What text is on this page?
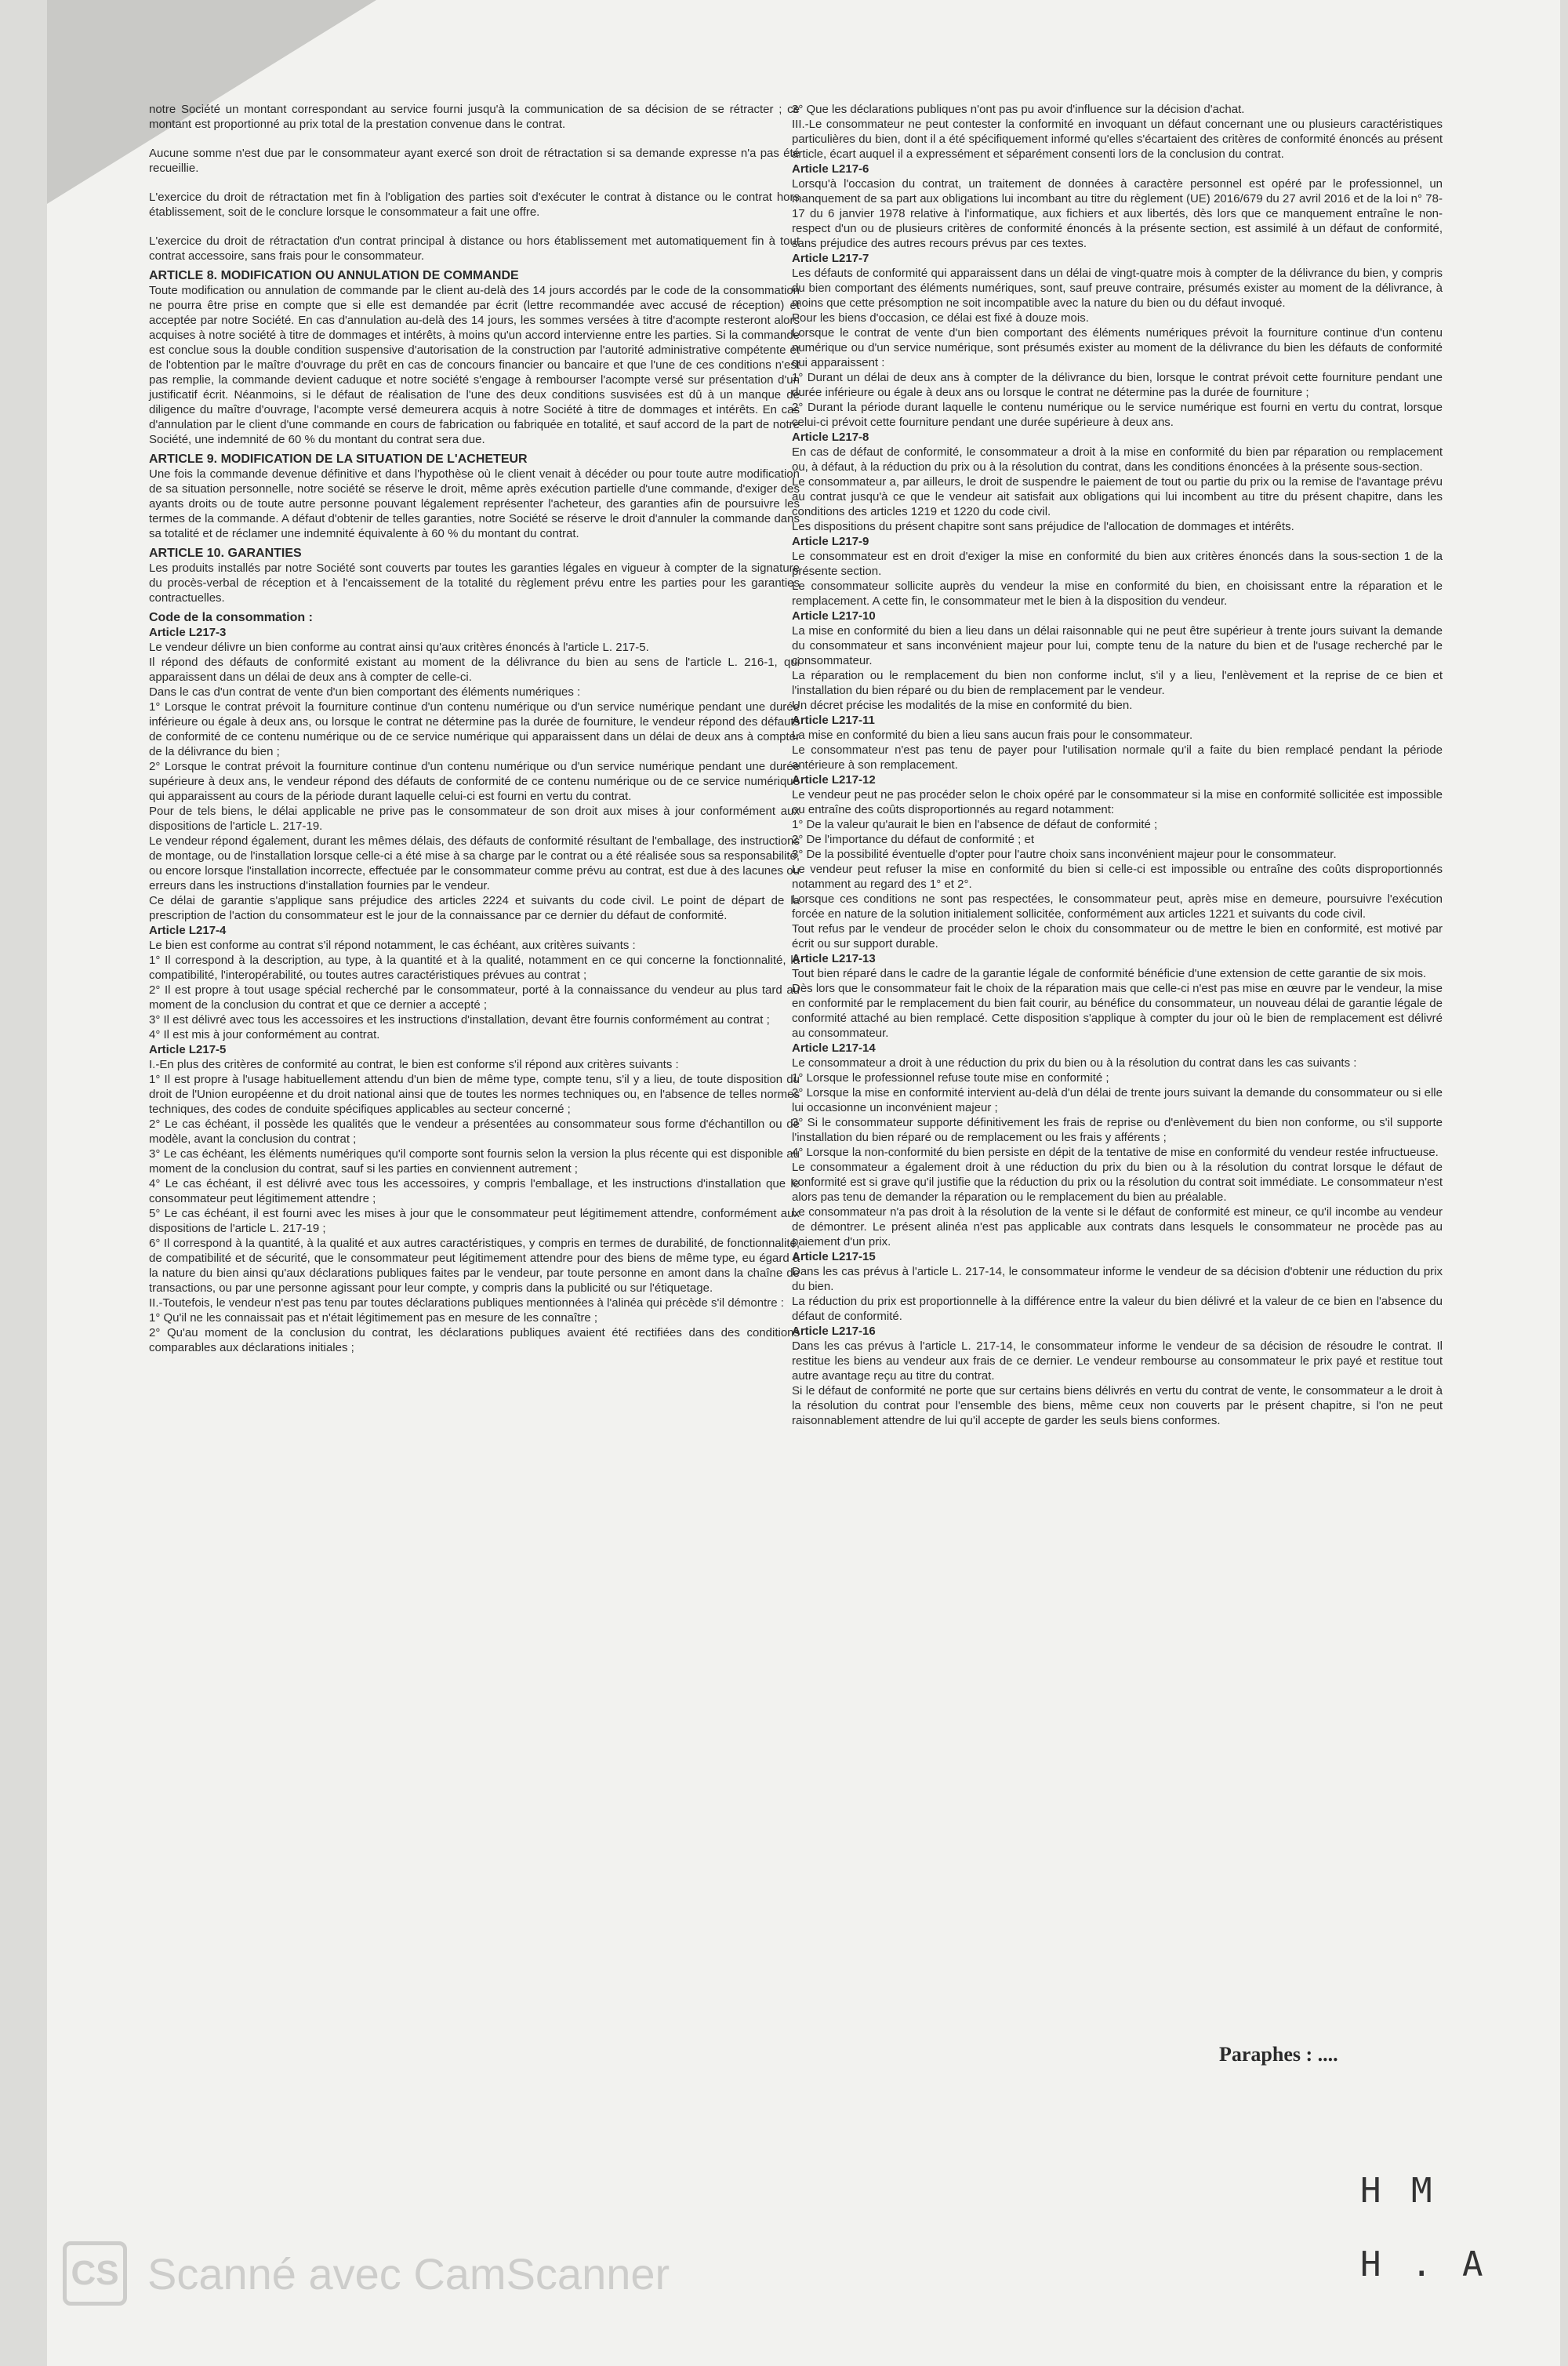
notre Société un montant correspondant au service fourni jusqu'à la communication de sa décision de se rétracter ; ce montant est proportionné au prix total de la prestation convenue dans le contrat.

Aucune somme n'est due par le consommateur ayant exercé son droit de rétractation si sa demande expresse n'a pas été recueillie.

L'exercice du droit de rétractation met fin à l'obligation des parties soit d'exécuter le contrat à distance ou le contrat hors établissement, soit de le conclure lorsque le consommateur a fait une offre.

L'exercice du droit de rétractation d'un contrat principal à distance ou hors établissement met automatiquement fin à tout contrat accessoire, sans frais pour le consommateur.

ARTICLE 8. MODIFICATION OU ANNULATION DE COMMANDE

Toute modification ou annulation de commande par le client au-delà des 14 jours accordés par le code de la consommation ne pourra être prise en compte que si elle est demandée par écrit (lettre recommandée avec accusé de réception) et acceptée par notre Société. En cas d'annulation au-delà des 14 jours, les sommes versées à titre d'acompte resteront alors acquises à notre société à titre de dommages et intérêts, à moins qu'un accord intervienne entre les parties. Si la commande est conclue sous la double condition suspensive d'autorisation de la construction par l'autorité administrative compétente et de l'obtention par le maître d'ouvrage du prêt en cas de concours financier ou bancaire et que l'une de ces conditions n'est pas remplie, la commande devient caduque et notre société s'engage à rembourser l'acompte versé sur présentation d'un justificatif écrit. Néanmoins, si le défaut de réalisation de l'une des deux conditions susvisées est dû à un manque de diligence du maître d'ouvrage, l'acompte versé demeurera acquis à notre Société à titre de dommages et intérêts. En cas d'annulation par le client d'une commande en cours de fabrication ou fabriquée en totalité, et sauf accord de la part de notre Société, une indemnité de 60 % du montant du contrat sera due.

ARTICLE 9. MODIFICATION DE LA SITUATION DE L'ACHETEUR

Une fois la commande devenue définitive et dans l'hypothèse où le client venait à décéder ou pour toute autre modification de sa situation personnelle, notre société se réserve le droit, même après exécution partielle d'une commande, d'exiger des ayants droits ou de toute autre personne pouvant légalement représenter l'acheteur, des garanties afin de poursuivre les termes de la commande. A défaut d'obtenir de telles garanties, notre Société se réserve le droit d'annuler la commande dans sa totalité et de réclamer une indemnité équivalente à 60 % du montant du contrat.

ARTICLE 10. GARANTIES

Les produits installés par notre Société sont couverts par toutes les garanties légales en vigueur à compter de la signature du procès-verbal de réception et à l'encaissement de la totalité du règlement prévu entre les parties pour les garanties contractuelles.

Code de la consommation :

Article L217-3

Le vendeur délivre un bien conforme au contrat ainsi qu'aux critères énoncés à l'article L. 217-5.

Il répond des défauts de conformité existant au moment de la délivrance du bien au sens de l'article L. 216-1, qui apparaissent dans un délai de deux ans à compter de celle-ci.

Dans le cas d'un contrat de vente d'un bien comportant des éléments numériques :

1° Lorsque le contrat prévoit la fourniture continue d'un contenu numérique ou d'un service numérique pendant une durée inférieure ou égale à deux ans, ou lorsque le contrat ne détermine pas la durée de fourniture, le vendeur répond des défauts de conformité de ce contenu numérique ou de ce service numérique qui apparaissent dans un délai de deux ans à compter de la délivrance du bien ;

2° Lorsque le contrat prévoit la fourniture continue d'un contenu numérique ou d'un service numérique pendant une durée supérieure à deux ans, le vendeur répond des défauts de conformité de ce contenu numérique ou de ce service numérique qui apparaissent au cours de la période durant laquelle celui-ci est fourni en vertu du contrat.

Pour de tels biens, le délai applicable ne prive pas le consommateur de son droit aux mises à jour conformément aux dispositions de l'article L. 217-19.

Le vendeur répond également, durant les mêmes délais, des défauts de conformité résultant de l'emballage, des instructions de montage, ou de l'installation lorsque celle-ci a été mise à sa charge par le contrat ou a été réalisée sous sa responsabilité, ou encore lorsque l'installation incorrecte, effectuée par le consommateur comme prévu au contrat, est due à des lacunes ou erreurs dans les instructions d'installation fournies par le vendeur.

Ce délai de garantie s'applique sans préjudice des articles 2224 et suivants du code civil. Le point de départ de la prescription de l'action du consommateur est le jour de la connaissance par ce dernier du défaut de conformité.

Article L217-4

Le bien est conforme au contrat s'il répond notamment, le cas échéant, aux critères suivants :

1° Il correspond à la description, au type, à la quantité et à la qualité, notamment en ce qui concerne la fonctionnalité, la compatibilité, l'interopérabilité, ou toutes autres caractéristiques prévues au contrat ;

2° Il est propre à tout usage spécial recherché par le consommateur, porté à la connaissance du vendeur au plus tard au moment de la conclusion du contrat et que ce dernier a accepté ;

3° Il est délivré avec tous les accessoires et les instructions d'installation, devant être fournis conformément au contrat ;

4° Il est mis à jour conformément au contrat.

Article L217-5

I.-En plus des critères de conformité au contrat, le bien est conforme s'il répond aux critères suivants :

1° Il est propre à l'usage habituellement attendu d'un bien de même type, compte tenu, s'il y a lieu, de toute disposition du droit de l'Union européenne et du droit national ainsi que de toutes les normes techniques ou, en l'absence de telles normes techniques, des codes de conduite spécifiques applicables au secteur concerné ;

2° Le cas échéant, il possède les qualités que le vendeur a présentées au consommateur sous forme d'échantillon ou de modèle, avant la conclusion du contrat ;

3° Le cas échéant, les éléments numériques qu'il comporte sont fournis selon la version la plus récente qui est disponible au moment de la conclusion du contrat, sauf si les parties en conviennent autrement ;

4° Le cas échéant, il est délivré avec tous les accessoires, y compris l'emballage, et les instructions d'installation que le consommateur peut légitimement attendre ;

5° Le cas échéant, il est fourni avec les mises à jour que le consommateur peut légitimement attendre, conformément aux dispositions de l'article L. 217-19 ;

6° Il correspond à la quantité, à la qualité et aux autres caractéristiques, y compris en termes de durabilité, de fonctionnalité, de compatibilité et de sécurité, que le consommateur peut légitimement attendre pour des biens de même type, eu égard à la nature du bien ainsi qu'aux déclarations publiques faites par le vendeur, par toute personne en amont dans la chaîne de transactions, ou par une personne agissant pour leur compte, y compris dans la publicité ou sur l'étiquetage.

II.-Toutefois, le vendeur n'est pas tenu par toutes déclarations publiques mentionnées à l'alinéa qui précède s'il démontre :

1° Qu'il ne les connaissait pas et n'était légitimement pas en mesure de les connaître ;

2° Qu'au moment de la conclusion du contrat, les déclarations publiques avaient été rectifiées dans des conditions comparables aux déclarations initiales ;

3° Que les déclarations publiques n'ont pas pu avoir d'influence sur la décision d'achat.

III.-Le consommateur ne peut contester la conformité en invoquant un défaut concernant une ou plusieurs caractéristiques particulières du bien, dont il a été spécifiquement informé qu'elles s'écartaient des critères de conformité énoncés au présent article, écart auquel il a expressément et séparément consenti lors de la conclusion du contrat.

Article L217-6

Lorsqu'à l'occasion du contrat, un traitement de données à caractère personnel est opéré par le professionnel, un manquement de sa part aux obligations lui incombant au titre du règlement (UE) 2016/679 du 27 avril 2016 et de la loi n° 78-17 du 6 janvier 1978 relative à l'informatique, aux fichiers et aux libertés, dès lors que ce manquement entraîne le non-respect d'un ou de plusieurs critères de conformité énoncés à la présente section, est assimilé à un défaut de conformité, sans préjudice des autres recours prévus par ces textes.

Article L217-7

Les défauts de conformité qui apparaissent dans un délai de vingt-quatre mois à compter de la délivrance du bien, y compris du bien comportant des éléments numériques, sont, sauf preuve contraire, présumés exister au moment de la délivrance, à moins que cette présomption ne soit incompatible avec la nature du bien ou du défaut invoqué.

Pour les biens d'occasion, ce délai est fixé à douze mois.

Lorsque le contrat de vente d'un bien comportant des éléments numériques prévoit la fourniture continue d'un contenu numérique ou d'un service numérique, sont présumés exister au moment de la délivrance du bien les défauts de conformité qui apparaissent :

1° Durant un délai de deux ans à compter de la délivrance du bien, lorsque le contrat prévoit cette fourniture pendant une durée inférieure ou égale à deux ans ou lorsque le contrat ne détermine pas la durée de fourniture ;

2° Durant la période durant laquelle le contenu numérique ou le service numérique est fourni en vertu du contrat, lorsque celui-ci prévoit cette fourniture pendant une durée supérieure à deux ans.

Article L217-8

En cas de défaut de conformité, le consommateur a droit à la mise en conformité du bien par réparation ou remplacement ou, à défaut, à la réduction du prix ou à la résolution du contrat, dans les conditions énoncées à la présente sous-section.

Le consommateur a, par ailleurs, le droit de suspendre le paiement de tout ou partie du prix ou la remise de l'avantage prévu au contrat jusqu'à ce que le vendeur ait satisfait aux obligations qui lui incombent au titre du présent chapitre, dans les conditions des articles 1219 et 1220 du code civil.

Les dispositions du présent chapitre sont sans préjudice de l'allocation de dommages et intérêts.

Article L217-9

Le consommateur est en droit d'exiger la mise en conformité du bien aux critères énoncés dans la sous-section 1 de la présente section.

Le consommateur sollicite auprès du vendeur la mise en conformité du bien, en choisissant entre la réparation et le remplacement. A cette fin, le consommateur met le bien à la disposition du vendeur.

Article L217-10

La mise en conformité du bien a lieu dans un délai raisonnable qui ne peut être supérieur à trente jours suivant la demande du consommateur et sans inconvénient majeur pour lui, compte tenu de la nature du bien et de l'usage recherché par le consommateur.

La réparation ou le remplacement du bien non conforme inclut, s'il y a lieu, l'enlèvement et la reprise de ce bien et l'installation du bien réparé ou du bien de remplacement par le vendeur.

Un décret précise les modalités de la mise en conformité du bien.

Article L217-11

La mise en conformité du bien a lieu sans aucun frais pour le consommateur.

Le consommateur n'est pas tenu de payer pour l'utilisation normale qu'il a faite du bien remplacé pendant la période antérieure à son remplacement.

Article L217-12

Le vendeur peut ne pas procéder selon le choix opéré par le consommateur si la mise en conformité sollicitée est impossible ou entraîne des coûts disproportionnés au regard notamment:

1° De la valeur qu'aurait le bien en l'absence de défaut de conformité ;

2° De l'importance du défaut de conformité ; et

3° De la possibilité éventuelle d'opter pour l'autre choix sans inconvénient majeur pour le consommateur.

Le vendeur peut refuser la mise en conformité du bien si celle-ci est impossible ou entraîne des coûts disproportionnés notamment au regard des 1° et 2°.

Lorsque ces conditions ne sont pas respectées, le consommateur peut, après mise en demeure, poursuivre l'exécution forcée en nature de la solution initialement sollicitée, conformément aux articles 1221 et suivants du code civil.

Tout refus par le vendeur de procéder selon le choix du consommateur ou de mettre le bien en conformité, est motivé par écrit ou sur support durable.

Article L217-13

Tout bien réparé dans le cadre de la garantie légale de conformité bénéficie d'une extension de cette garantie de six mois.

Dès lors que le consommateur fait le choix de la réparation mais que celle-ci n'est pas mise en œuvre par le vendeur, la mise en conformité par le remplacement du bien fait courir, au bénéfice du consommateur, un nouveau délai de garantie légale de conformité attaché au bien remplacé. Cette disposition s'applique à compter du jour où le bien de remplacement est délivré au consommateur.

Article L217-14

Le consommateur a droit à une réduction du prix du bien ou à la résolution du contrat dans les cas suivants :

1° Lorsque le professionnel refuse toute mise en conformité ;

2° Lorsque la mise en conformité intervient au-delà d'un délai de trente jours suivant la demande du consommateur ou si elle lui occasionne un inconvénient majeur ;

3° Si le consommateur supporte définitivement les frais de reprise ou d'enlèvement du bien non conforme, ou s'il supporte l'installation du bien réparé ou de remplacement ou les frais y afférents ;

4° Lorsque la non-conformité du bien persiste en dépit de la tentative de mise en conformité du vendeur restée infructueuse.

Le consommateur a également droit à une réduction du prix du bien ou à la résolution du contrat lorsque le défaut de conformité est si grave qu'il justifie que la réduction du prix ou la résolution du contrat soit immédiate. Le consommateur n'est alors pas tenu de demander la réparation ou le remplacement du bien au préalable.

Le consommateur n'a pas droit à la résolution de la vente si le défaut de conformité est mineur, ce qu'il incombe au vendeur de démontrer. Le présent alinéa n'est pas applicable aux contrats dans lesquels le consommateur ne procède pas au paiement d'un prix.

Article L217-15

Dans les cas prévus à l'article L. 217-14, le consommateur informe le vendeur de sa décision d'obtenir une réduction du prix du bien.

La réduction du prix est proportionnelle à la différence entre la valeur du bien délivré et la valeur de ce bien en l'absence du défaut de conformité.

Article L217-16

Dans les cas prévus à l'article L. 217-14, le consommateur informe le vendeur de sa décision de résoudre le contrat. Il restitue les biens au vendeur aux frais de ce dernier. Le vendeur rembourse au consommateur le prix payé et restitue tout autre avantage reçu au titre du contrat.

Si le défaut de conformité ne porte que sur certains biens délivrés en vertu du contrat de vente, le consommateur a le droit à la résolution du contrat pour l'ensemble des biens, même ceux non couverts par le présent chapitre, si l'on ne peut raisonnablement attendre de lui qu'il accepte de garder les seuls biens conformes.

Paraphes : ....
H M
H . A
CS Scanné avec CamScanner
